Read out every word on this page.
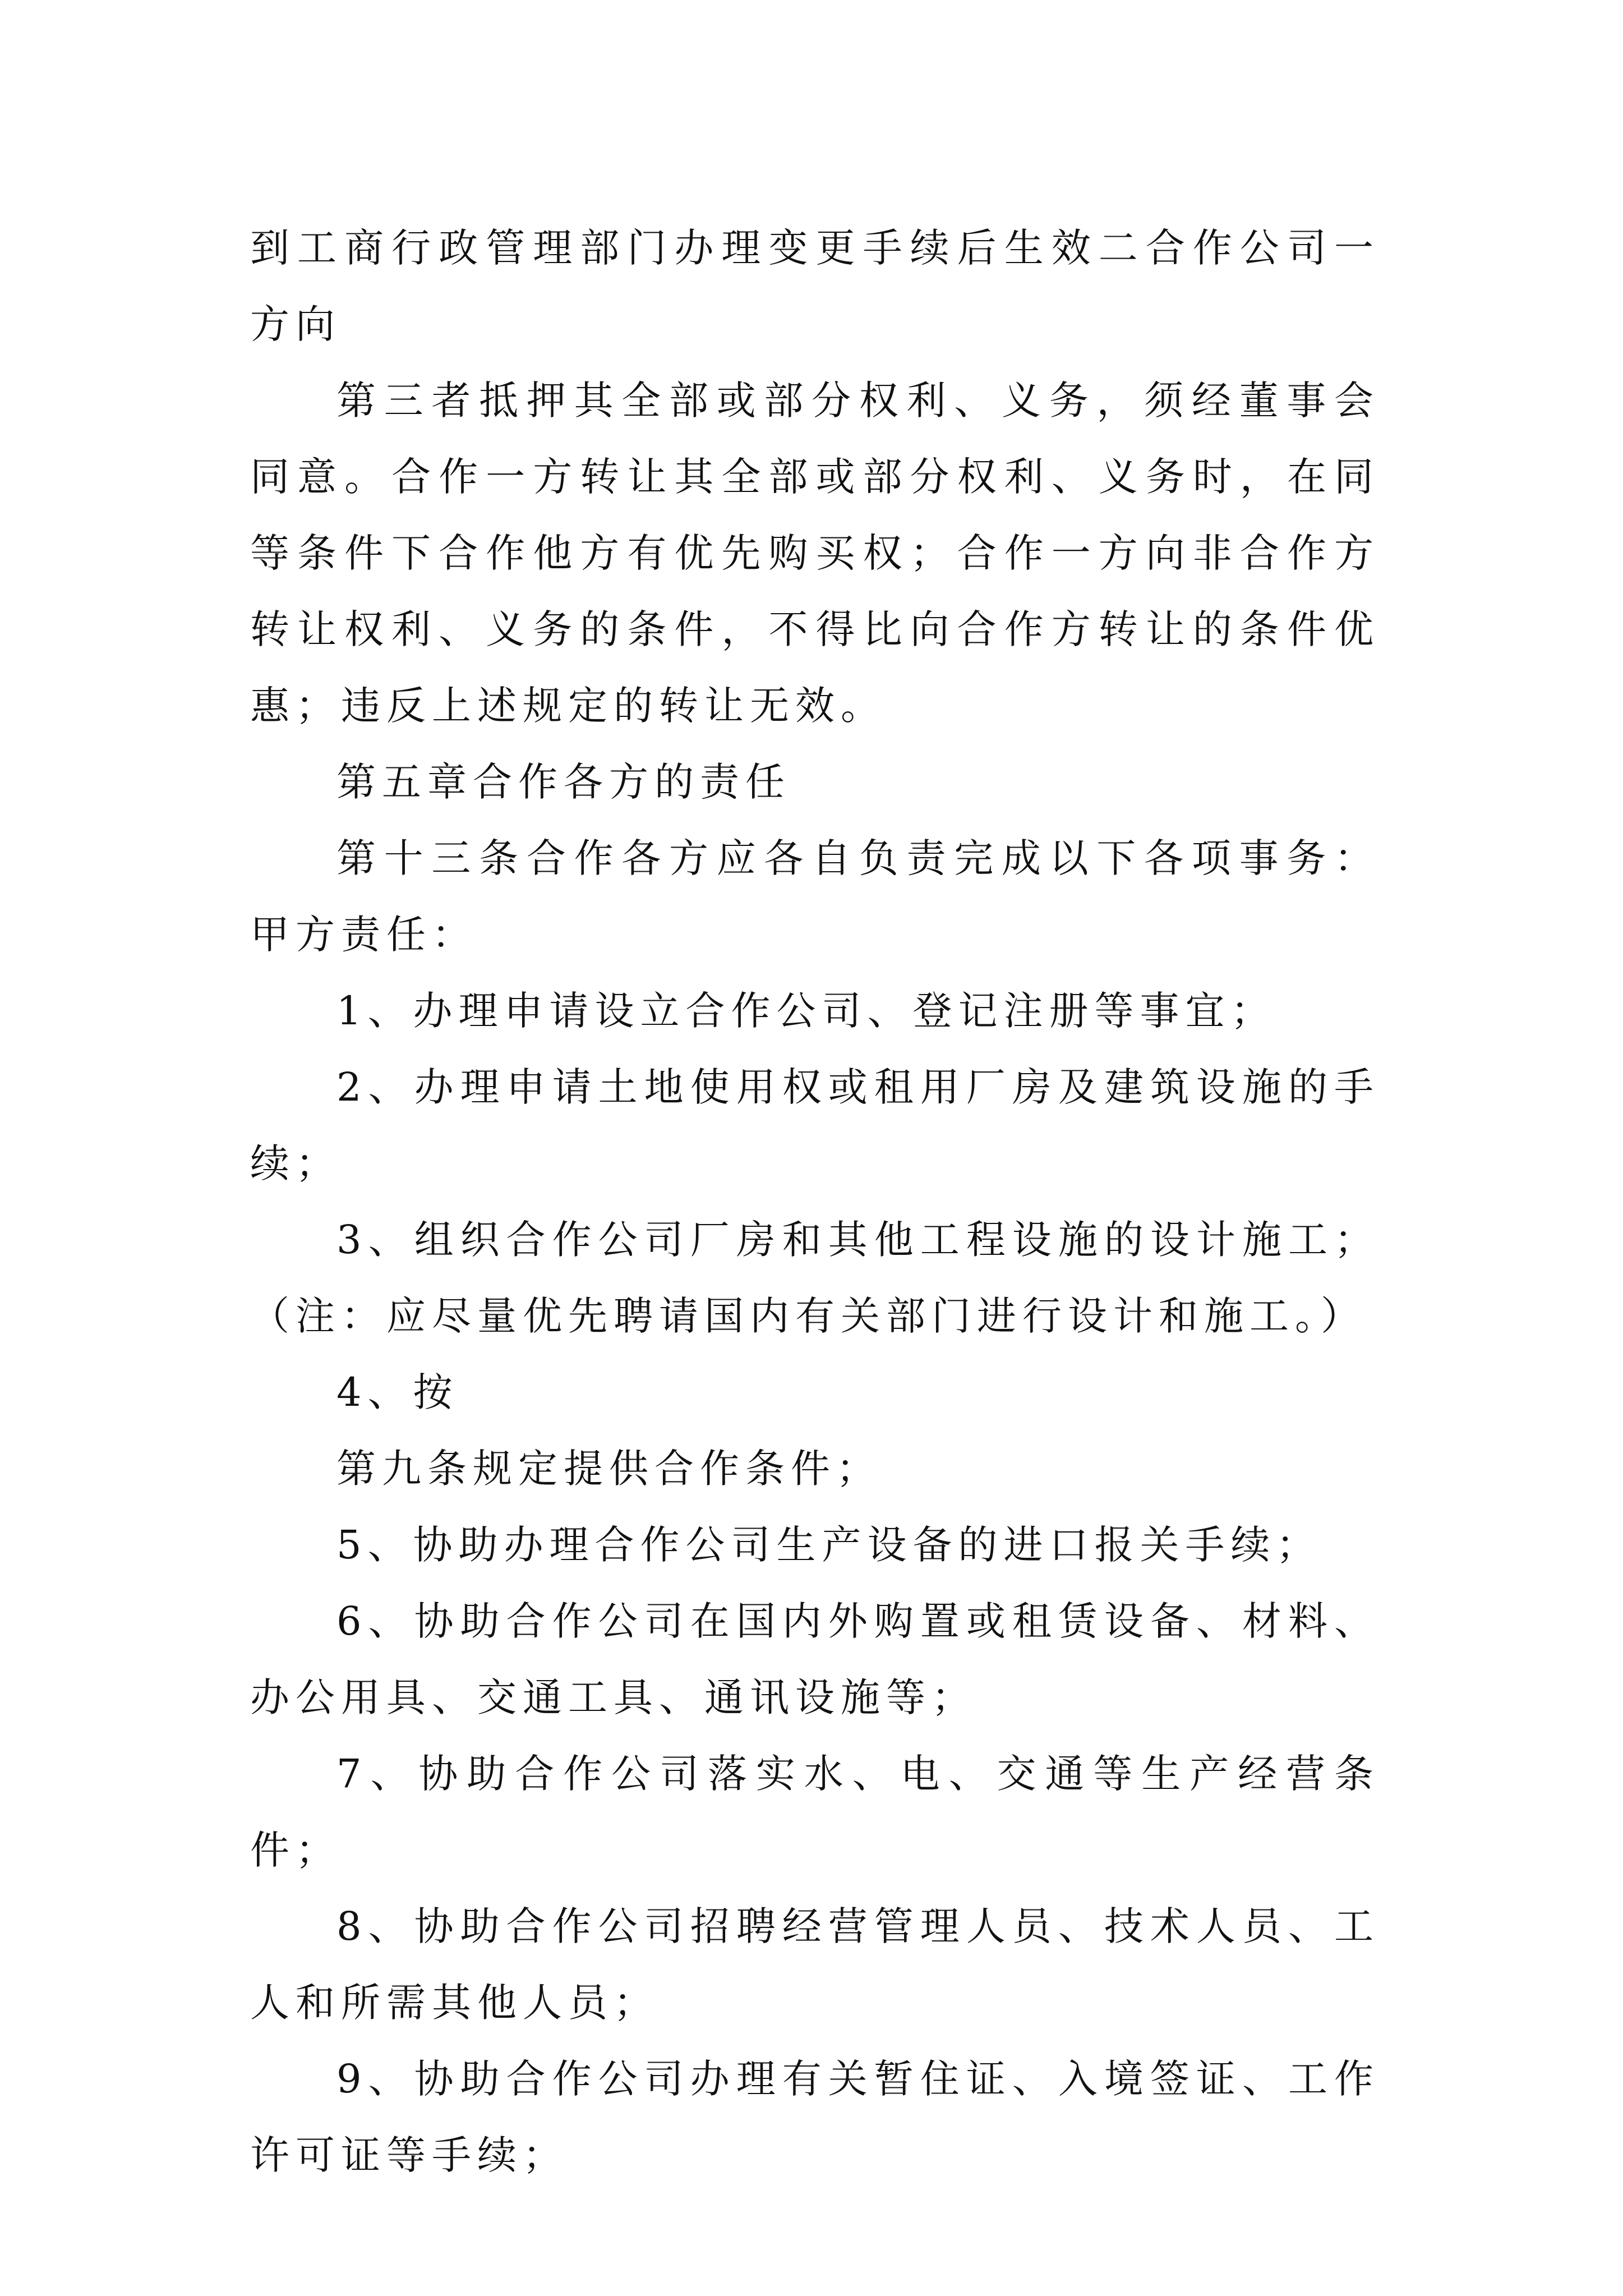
到工商行政管理部门办理变更手续后生效二合作公司一方向

第三者抵押其全部或部分权利、义务，须经董事会同意。合作一方转让其全部或部分权利、义务时，在同等条件下合作他方有优先购买权；合作一方向非合作方转让权利、义务的条件，不得比向合作方转让的条件优惠；违反上述规定的转让无效。

第五章合作各方的责任

第十三条合作各方应各自负责完成以下各项事务：甲方责任：

1、办理申请设立合作公司、登记注册等事宜；

2、办理申请土地使用权或租用厂房及建筑设施的手续；

3、组织合作公司厂房和其他工程设施的设计施工；（注：应尽量优先聘请国内有关部门进行设计和施工。）

4、按

第九条规定提供合作条件；

5、协助办理合作公司生产设备的进口报关手续；

6、协助合作公司在国内外购置或租赁设备、材料、办公用具、交通工具、通讯设施等；

7、协助合作公司落实水、电、交通等生产经营条件；

8、协助合作公司招聘经营管理人员、技术人员、工人和所需其他人员；

9、协助合作公司办理有关暂住证、入境签证、工作许可证等手续；
